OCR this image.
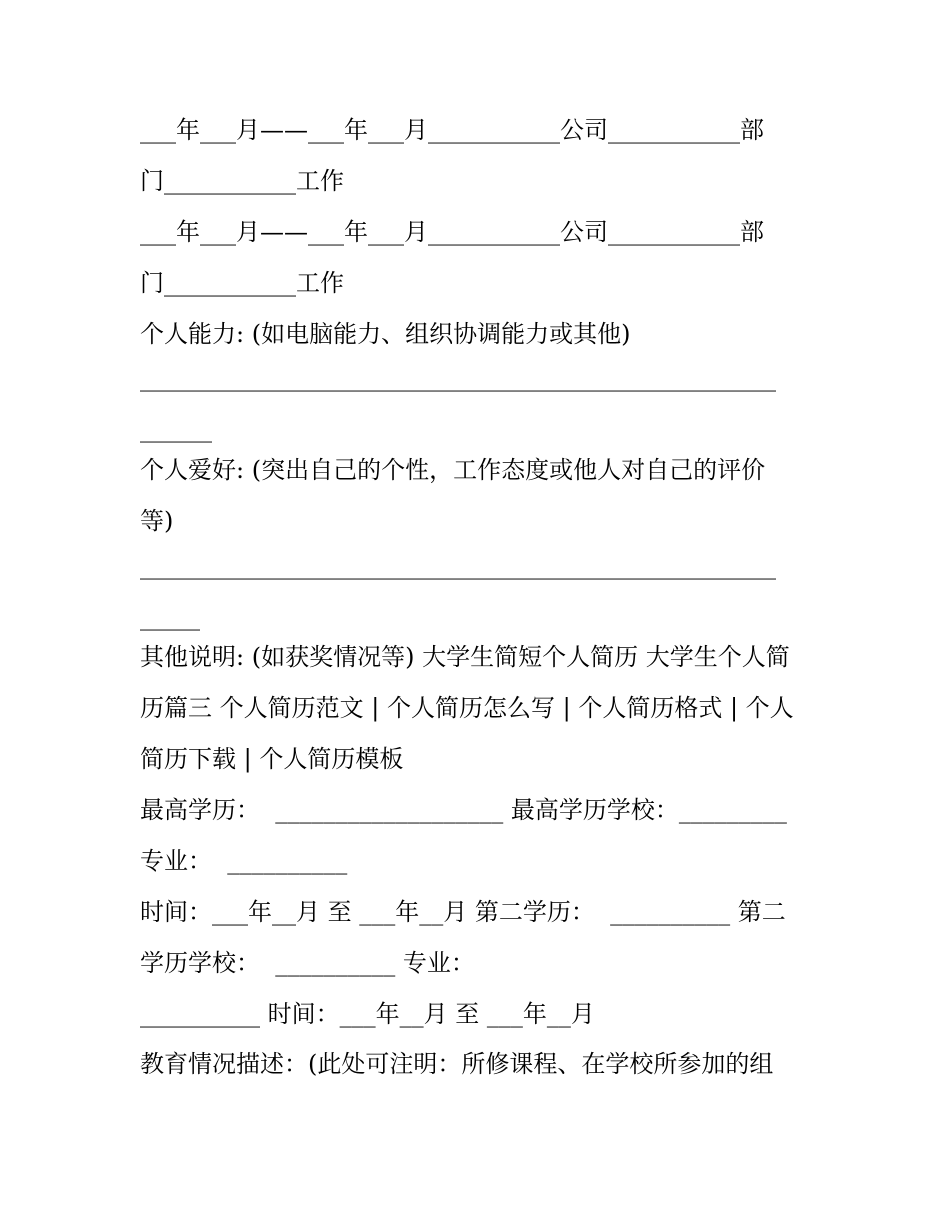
___年___月——___年___月___________公司___________部

门___________工作

___年___月——___年___月___________公司___________部

门___________工作

个人能力: (如电脑能力、组织协调能力或其他)

_____________________________________________________

______

个人爱好: (突出自己的个性，工作态度或他人对自己的评价

等)

_____________________________________________________

_____

其他说明: (如获奖情况等) 大学生简短个人简历 大学生个人简

历篇三 个人简历范文 | 个人简历怎么写 | 个人简历格式 | 个人

简历下载 | 个人简历模板

最高学历：  ___________________ 最高学历学校：_________

专业：  __________

时间：___年__月 至 ___年__月 第二学历：  __________ 第二

学历学校：  __________ 专业：

__________ 时间：___年__月 至 ___年__月

教育情况描述：(此处可注明：所修课程、在学校所参加的组
